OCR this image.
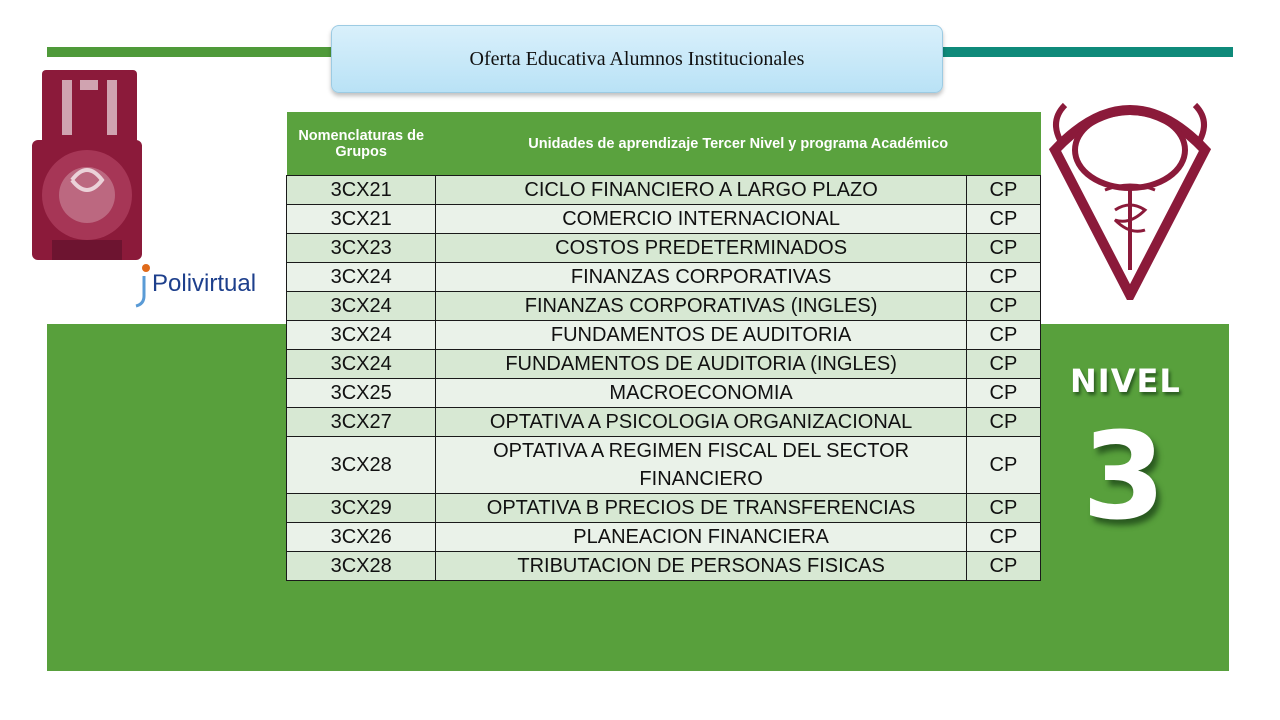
Oferta Educativa Alumnos Institucionales
Polivirtual
Nomenclaturas de Grupos	Unidades de aprendizaje Tercer Nivel y programa Académico	
3CX21	CICLO FINANCIERO A LARGO PLAZO	CP
3CX21	COMERCIO INTERNACIONAL	CP
3CX23	COSTOS PREDETERMINADOS	CP
3CX24	FINANZAS CORPORATIVAS	CP
3CX24	FINANZAS CORPORATIVAS (INGLES)	CP
3CX24	FUNDAMENTOS DE AUDITORIA	CP
3CX24	FUNDAMENTOS DE AUDITORIA (INGLES)	CP
3CX25	MACROECONOMIA	CP
3CX27	OPTATIVA A PSICOLOGIA ORGANIZACIONAL	CP
3CX28	OPTATIVA A REGIMEN FISCAL DEL SECTOR FINANCIERO	CP
3CX29	OPTATIVA B PRECIOS DE TRANSFERENCIAS	CP
3CX26	PLANEACION FINANCIERA	CP
3CX28	TRIBUTACION DE PERSONAS FISICAS	CP
NIVEL
3
